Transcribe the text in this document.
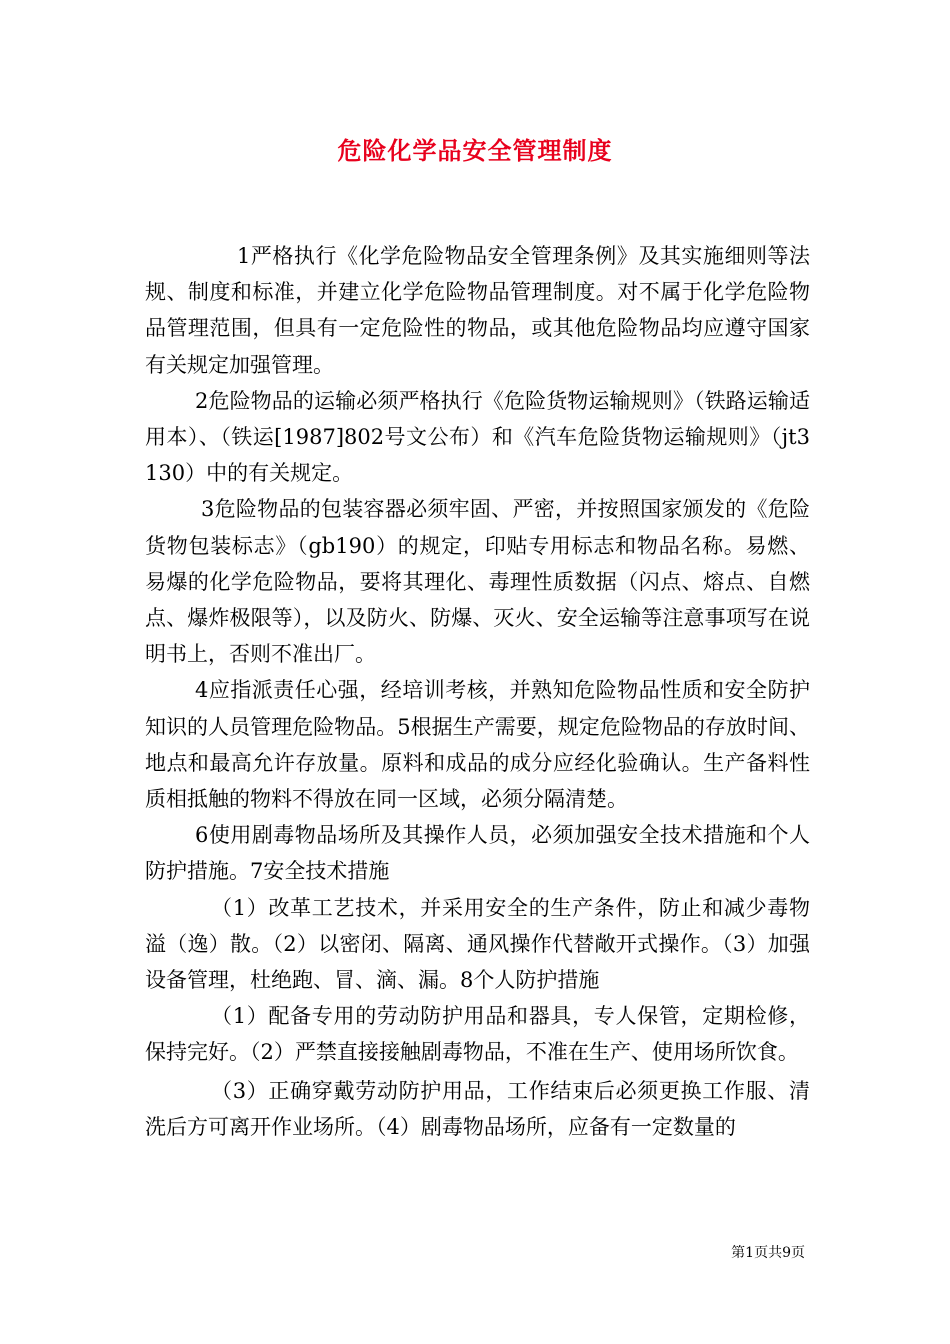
危险化学品安全管理制度

1严格执行《化学危险物品安全管理条例》及其实施细则等法规、制度和标准，并建立化学危险物品管理制度。对不属于化学危险物品管理范围，但具有一定危险性的物品，或其他危险物品均应遵守国家有关规定加强管理。

2危险物品的运输必须严格执行《危险货物运输规则》（铁路运输适用本）、（铁运[1987]802号文公布）和《汽车危险货物运输规则》（jt3130）中的有关规定。

3危险物品的包装容器必须牢固、严密，并按照国家颁发的《危险货物包装标志》（gb190）的规定，印贴专用标志和物品名称。易燃、易爆的化学危险物品，要将其理化、毒理性质数据（闪点、熔点、自燃点、爆炸极限等），以及防火、防爆、灭火、安全运输等注意事项写在说明书上，否则不准出厂。

4应指派责任心强，经培训考核，并熟知危险物品性质和安全防护知识的人员管理危险物品。5根据生产需要，规定危险物品的存放时间、地点和最高允许存放量。原料和成品的成分应经化验确认。生产备料性质相抵触的物料不得放在同一区域，必须分隔清楚。

6使用剧毒物品场所及其操作人员，必须加强安全技术措施和个人防护措施。7安全技术措施

（1）改革工艺技术，并采用安全的生产条件，防止和减少毒物溢（逸）散。（2）以密闭、隔离、通风操作代替敞开式操作。（3）加强设备管理，杜绝跑、冒、滴、漏。8个人防护措施

（1）配备专用的劳动防护用品和器具，专人保管，定期检修，保持完好。（2）严禁直接接触剧毒物品，不准在生产、使用场所饮食。

（3）正确穿戴劳动防护用品，工作结束后必须更换工作服、清洗后方可离开作业场所。（4）剧毒物品场所，应备有一定数量的

第1页共9页
